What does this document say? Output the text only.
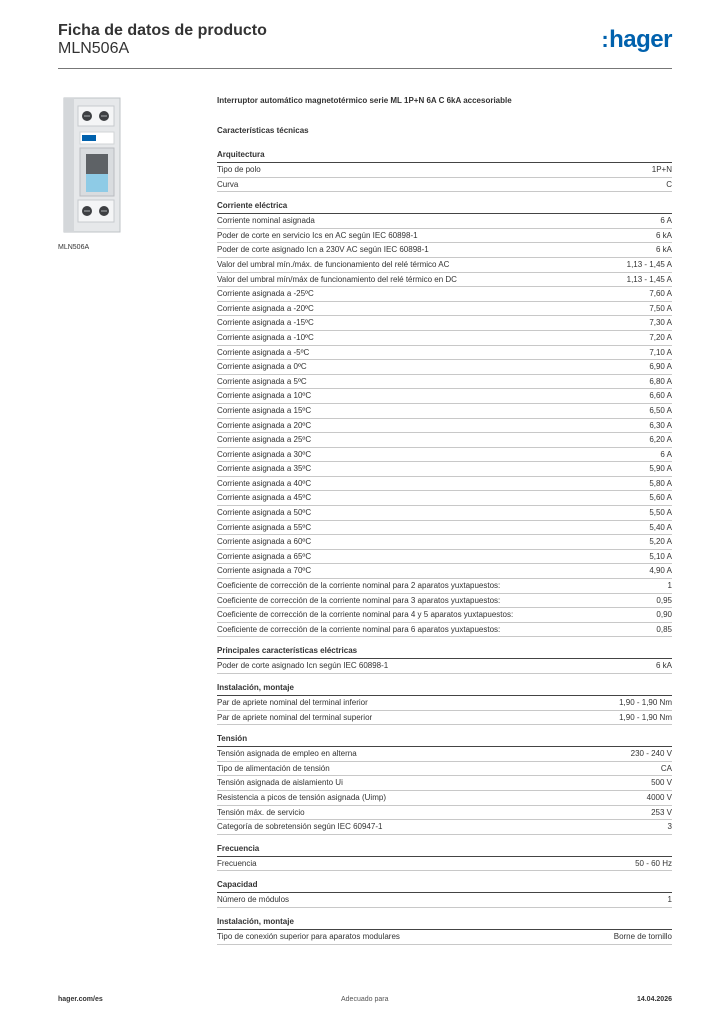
Ficha de datos de producto
MLN506A	:hager
MLN506A
Interruptor automático magnetotérmico serie ML 1P+N 6A C 6kA accesoriable
Características técnicas
Arquitectura
Tipo de polo	1P+N
Curva	C
Corriente eléctrica
Corriente nominal asignada	6 A
Poder de corte en servicio Ics en AC según IEC 60898-1	6 kA
Poder de corte asignado Icn a 230V AC según IEC 60898-1	6 kA
Valor del umbral mín./máx. de funcionamiento del relé térmico AC	1,13 - 1,45 A
Valor del umbral mín/máx de funcionamiento del relé térmico en DC	1,13 - 1,45 A
Corriente asignada a -25ºC	7,60 A
Corriente asignada a -20ºC	7,50 A
Corriente asignada a -15ºC	7,30 A
Corriente asignada a -10ºC	7,20 A
Corriente asignada a -5ºC	7,10 A
Corriente asignada a 0ºC	6,90 A
Corriente asignada a 5ºC	6,80 A
Corriente asignada a 10ºC	6,60 A
Corriente asignada a 15ºC	6,50 A
Corriente asignada a 20ºC	6,30 A
Corriente asignada a 25ºC	6,20 A
Corriente asignada a 30ºC	6 A
Corriente asignada a 35ºC	5,90 A
Corriente asignada a 40ºC	5,80 A
Corriente asignada a 45ºC	5,60 A
Corriente asignada a 50ºC	5,50 A
Corriente asignada a 55ºC	5,40 A
Corriente asignada a 60ºC	5,20 A
Corriente asignada a 65ºC	5,10 A
Corriente asignada a 70ºC	4,90 A
Coeficiente de corrección de la corriente nominal para 2 aparatos yuxtapuestos:	1
Coeficiente de corrección de la corriente nominal para 3 aparatos yuxtapuestos:	0,95
Coeficiente de corrección de la corriente nominal para 4 y 5 aparatos yuxtapuestos:	0,90
Coeficiente de corrección de la corriente nominal para 6 aparatos yuxtapuestos:	0,85
Principales características eléctricas
Poder de corte asignado Icn según IEC 60898-1	6 kA
Instalación, montaje
Par de apriete nominal del terminal inferior	1,90 - 1,90 Nm
Par de apriete nominal del terminal superior	1,90 - 1,90 Nm
Tensión
Tensión asignada de empleo en alterna	230 - 240 V
Tipo de alimentación de tensión	CA
Tensión asignada de aislamiento Ui	500 V
Resistencia a picos de tensión asignada (Uimp)	4000 V
Tensión máx. de servicio	253 V
Categoría de sobretensión según IEC 60947-1	3
Frecuencia
Frecuencia	50 - 60 Hz
Capacidad
Número de módulos	1
Instalación, montaje
Tipo de conexión superior para aparatos modulares	Borne de tornillo
hager.com/es	Adecuado para	14.04.2026
